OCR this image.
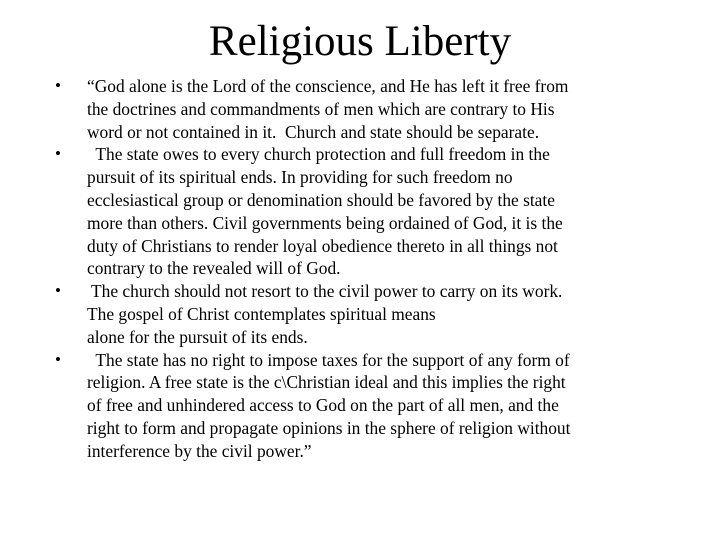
Religious Liberty
• “God alone is the Lord of the conscience, and He has left it free from
the doctrines and commandments of men which are contrary to His
word or not contained in it.  Church and state should be separate.
• The state owes to every church protection and full freedom in the
pursuit of its spiritual ends. In providing for such freedom no
ecclesiastical group or denomination should be favored by the state
more than others. Civil governments being ordained of God, it is the
duty of Christians to render loyal obedience thereto in all things not
contrary to the revealed will of God.
• The church should not resort to the civil power to carry on its work.
The gospel of Christ contemplates spiritual means
alone for the pursuit of its ends.
• The state has no right to impose taxes for the support of any form of
religion. A free state is the c\Christian ideal and this implies the right
of free and unhindered access to God on the part of all men, and the
right to form and propagate opinions in the sphere of religion without
interference by the civil power.”
